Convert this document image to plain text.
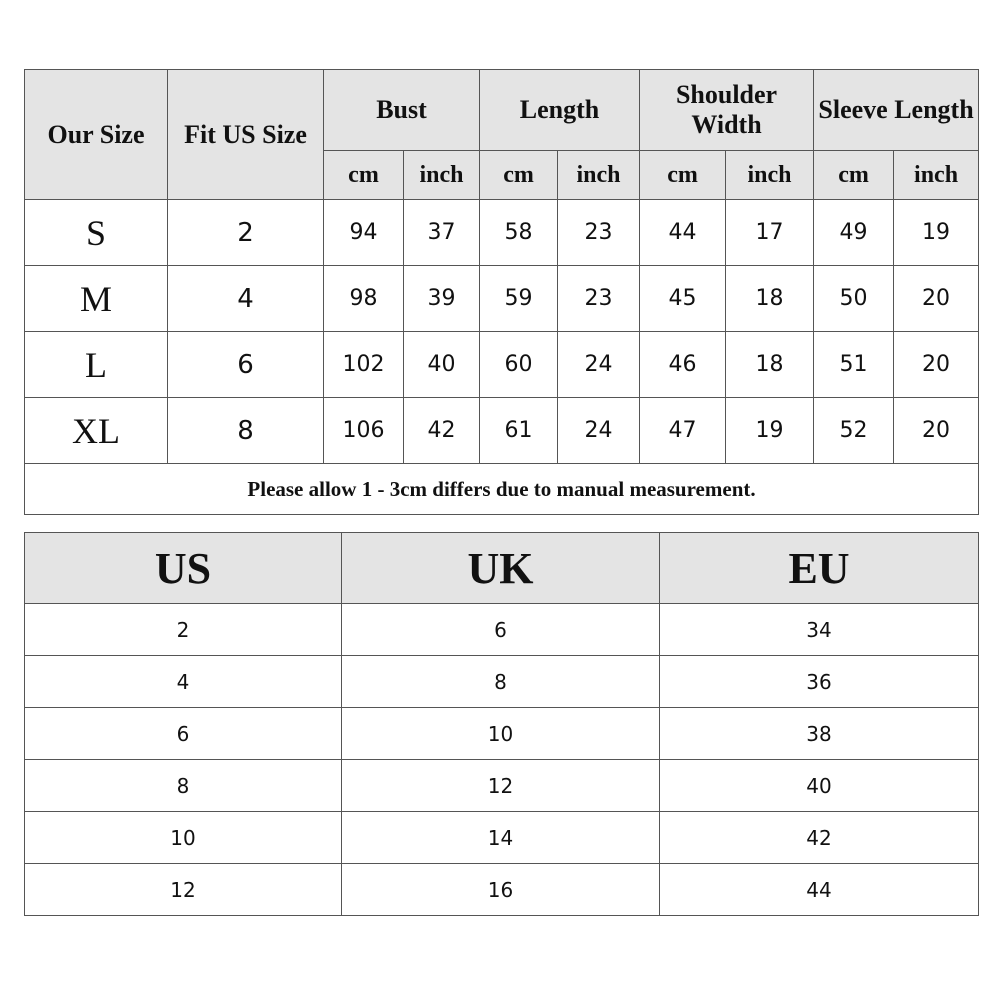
Our Size	Fit US Size	Bust		Length		Shoulder Width		Sleeve Length	
		cm	inch	cm	inch	cm	inch	cm	inch
S	2	94	37	58	23	44	17	49	19
M	4	98	39	59	23	45	18	50	20
L	6	102	40	60	24	46	18	51	20
XL	8	106	42	61	24	47	19	52	20
Please allow 1 - 3cm differs due to manual measurement.									
US	UK	EU
2	6	34
4	8	36
6	10	38
8	12	40
10	14	42
12	16	44
